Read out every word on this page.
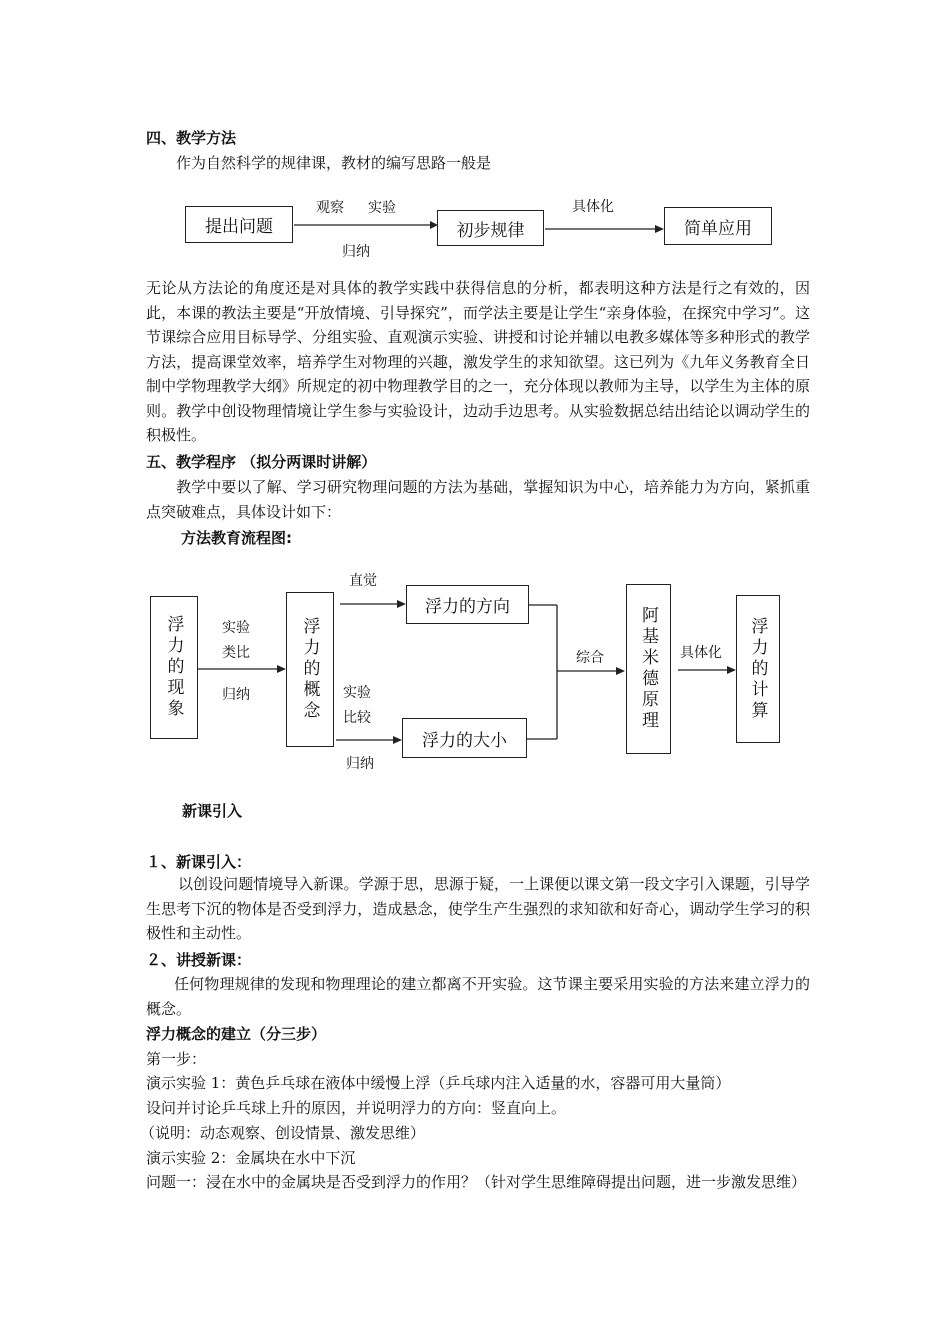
四、教学方法
作为自然科学的规律课，教材的编写思路一般是
提出问题	初步规律	简单应用
观察 实验
归纳
具体化
无论从方法论的角度还是对具体的教学实践中获得信息的分析，都表明这种方法是行之有效的，因此，本课的教法主要是“开放情境、引导探究”，而学法主要是让学生“亲身体验，在探究中学习”。这节课综合应用目标导学、分组实验、直观演示实验、讲授和讨论并辅以电教多媒体等多种形式的教学方法，提高课堂效率，培养学生对物理的兴趣，激发学生的求知欲望。这已列为《九年义务教育全日制中学物理教学大纲》所规定的初中物理教学目的之一，充分体现以教师为主导，以学生为主体的原则。教学中创设物理情境让学生参与实验设计，边动手边思考。从实验数据总结出结论以调动学生的积极性。
五、教学程序 （拟分两课时讲解）
教学中要以了解、学习研究物理问题的方法为基础，掌握知识为中心，培养能力为方向，紧抓重点突破难点，具体设计如下：
方法教育流程图:
浮力的现象	浮力的概念
浮力的方向
浮力的大小
阿基米德原理	浮力的计算
实验
类比
归纳
直觉
实验
比较
归纳
综合	具体化
新课引入
１、新课引入：
以创设问题情境导入新课。学源于思，思源于疑，一上课便以课文第一段文字引入课题，引导学生思考下沉的物体是否受到浮力，造成悬念，使学生产生强烈的求知欲和好奇心，调动学生学习的积极性和主动性。
２、讲授新课：
任何物理规律的发现和物理理论的建立都离不开实验。这节课主要采用实验的方法来建立浮力的概念。
浮力概念的建立（分三步）
第一步：
演示实验 1：黄色乒乓球在液体中缓慢上浮（乒乓球内注入适量的水，容器可用大量筒）
设问并讨论乒乓球上升的原因，并说明浮力的方向：竖直向上。
（说明：动态观察、创设情景、激发思维）
演示实验 2：金属块在水中下沉
问题一：浸在水中的金属块是否受到浮力的作用？（针对学生思维障碍提出问题，进一步激发思维）
